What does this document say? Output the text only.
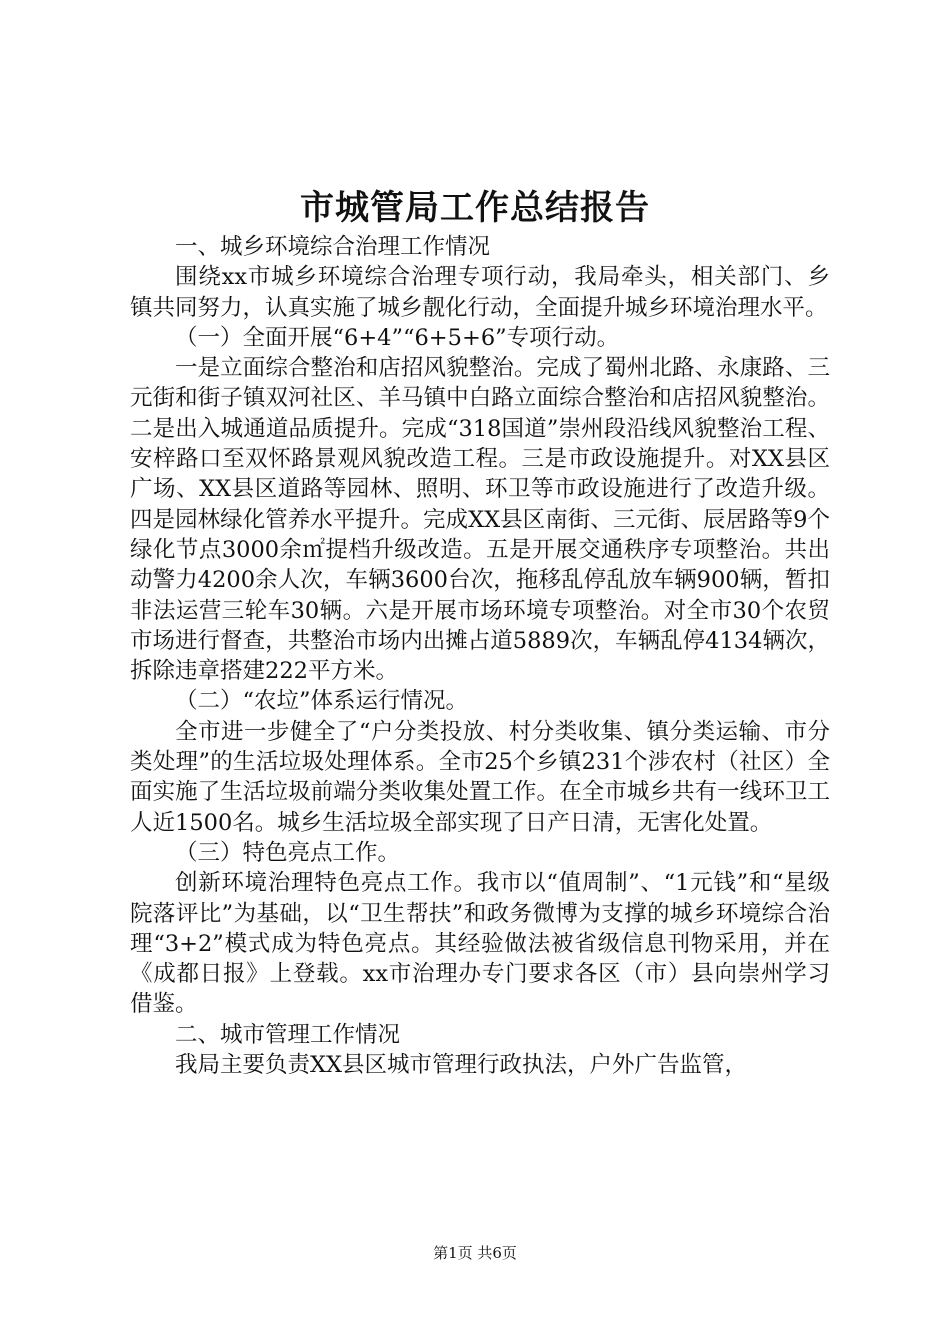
市城管局工作总结报告

一、城乡环境综合治理工作情况

围绕xx市城乡环境综合治理专项行动，我局牵头，相关部门、乡镇共同努力，认真实施了城乡靓化行动，全面提升城乡环境治理水平。

（一）全面开展“6+4”“6+5+6”专项行动。

一是立面综合整治和店招风貌整治。完成了蜀州北路、永康路、三元街和街子镇双河社区、羊马镇中白路立面综合整治和店招风貌整治。二是出入城通道品质提升。完成“318国道”崇州段沿线风貌整治工程、安梓路口至双怀路景观风貌改造工程。三是市政设施提升。对XX县区广场、XX县区道路等园林、照明、环卫等市政设施进行了改造升级。四是园林绿化管养水平提升。完成XX县区南街、三元街、辰居路等9个绿化节点3000余㎡提档升级改造。五是开展交通秩序专项整治。共出动警力4200余人次，车辆3600台次，拖移乱停乱放车辆900辆，暂扣非法运营三轮车30辆。六是开展市场环境专项整治。对全市30个农贸市场进行督查，共整治市场内出摊占道5889次，车辆乱停4134辆次，拆除违章搭建222平方米。

（二）“农垃”体系运行情况。

全市进一步健全了“户分类投放、村分类收集、镇分类运输、市分类处理”的生活垃圾处理体系。全市25个乡镇231个涉农村（社区）全面实施了生活垃圾前端分类收集处置工作。在全市城乡共有一线环卫工人近1500名。城乡生活垃圾全部实现了日产日清，无害化处置。

（三）特色亮点工作。

创新环境治理特色亮点工作。我市以“值周制”、“1元钱”和“星级院落评比”为基础，以“卫生帮扶”和政务微博为支撑的城乡环境综合治理“3+2”模式成为特色亮点。其经验做法被省级信息刊物采用，并在《成都日报》上登载。xx市治理办专门要求各区（市）县向崇州学习借鉴。

二、城市管理工作情况

我局主要负责XX县区城市管理行政执法，户外广告监管，

第1页 共6页
